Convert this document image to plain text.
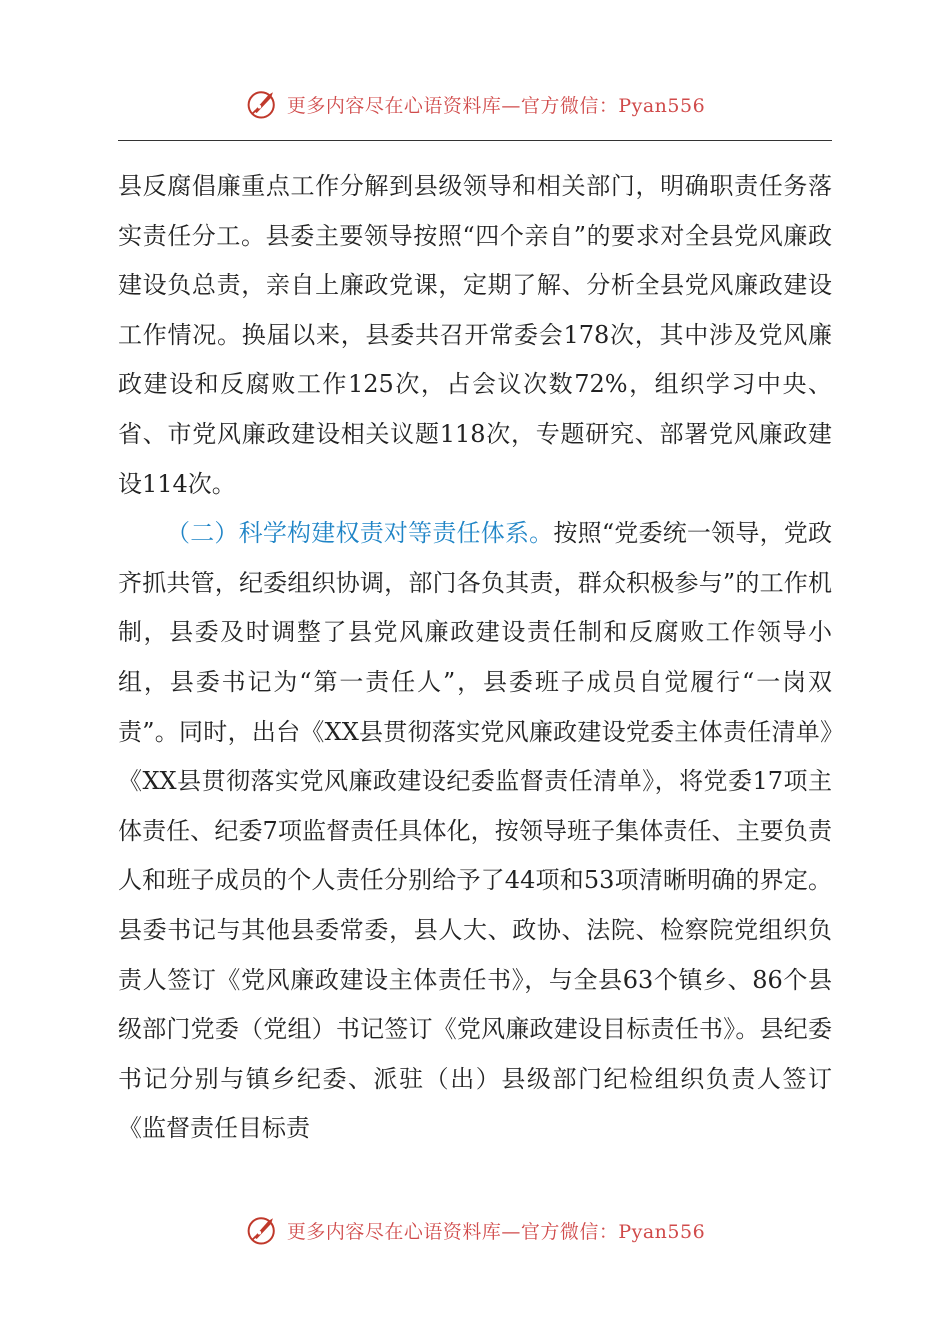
更多内容尽在心语资料库—官方微信：Pyan556

县反腐倡廉重点工作分解到县级领导和相关部门，明确职责任务落实责任分工。县委主要领导按照“四个亲自”的要求对全县党风廉政建设负总责，亲自上廉政党课，定期了解、分析全县党风廉政建设工作情况。换届以来，县委共召开常委会178次，其中涉及党风廉政建设和反腐败工作125次，占会议次数72%，组织学习中央、省、市党风廉政建设相关议题118次，专题研究、部署党风廉政建设114次。

（二）科学构建权责对等责任体系。按照“党委统一领导，党政齐抓共管，纪委组织协调，部门各负其责，群众积极参与”的工作机制，县委及时调整了县党风廉政建设责任制和反腐败工作领导小组，县委书记为“第一责任人”，县委班子成员自觉履行“一岗双责”。同时，出台《XX县贯彻落实党风廉政建设党委主体责任清单》《XX县贯彻落实党风廉政建设纪委监督责任清单》，将党委17项主体责任、纪委7项监督责任具体化，按领导班子集体责任、主要负责人和班子成员的个人责任分别给予了44项和53项清晰明确的界定。县委书记与其他县委常委，县人大、政协、法院、检察院党组织负责人签订《党风廉政建设主体责任书》，与全县63个镇乡、86个县级部门党委（党组）书记签订《党风廉政建设目标责任书》。县纪委书记分别与镇乡纪委、派驻（出）县级部门纪检组织负责人签订《监督责任目标责

更多内容尽在心语资料库—官方微信：Pyan556
